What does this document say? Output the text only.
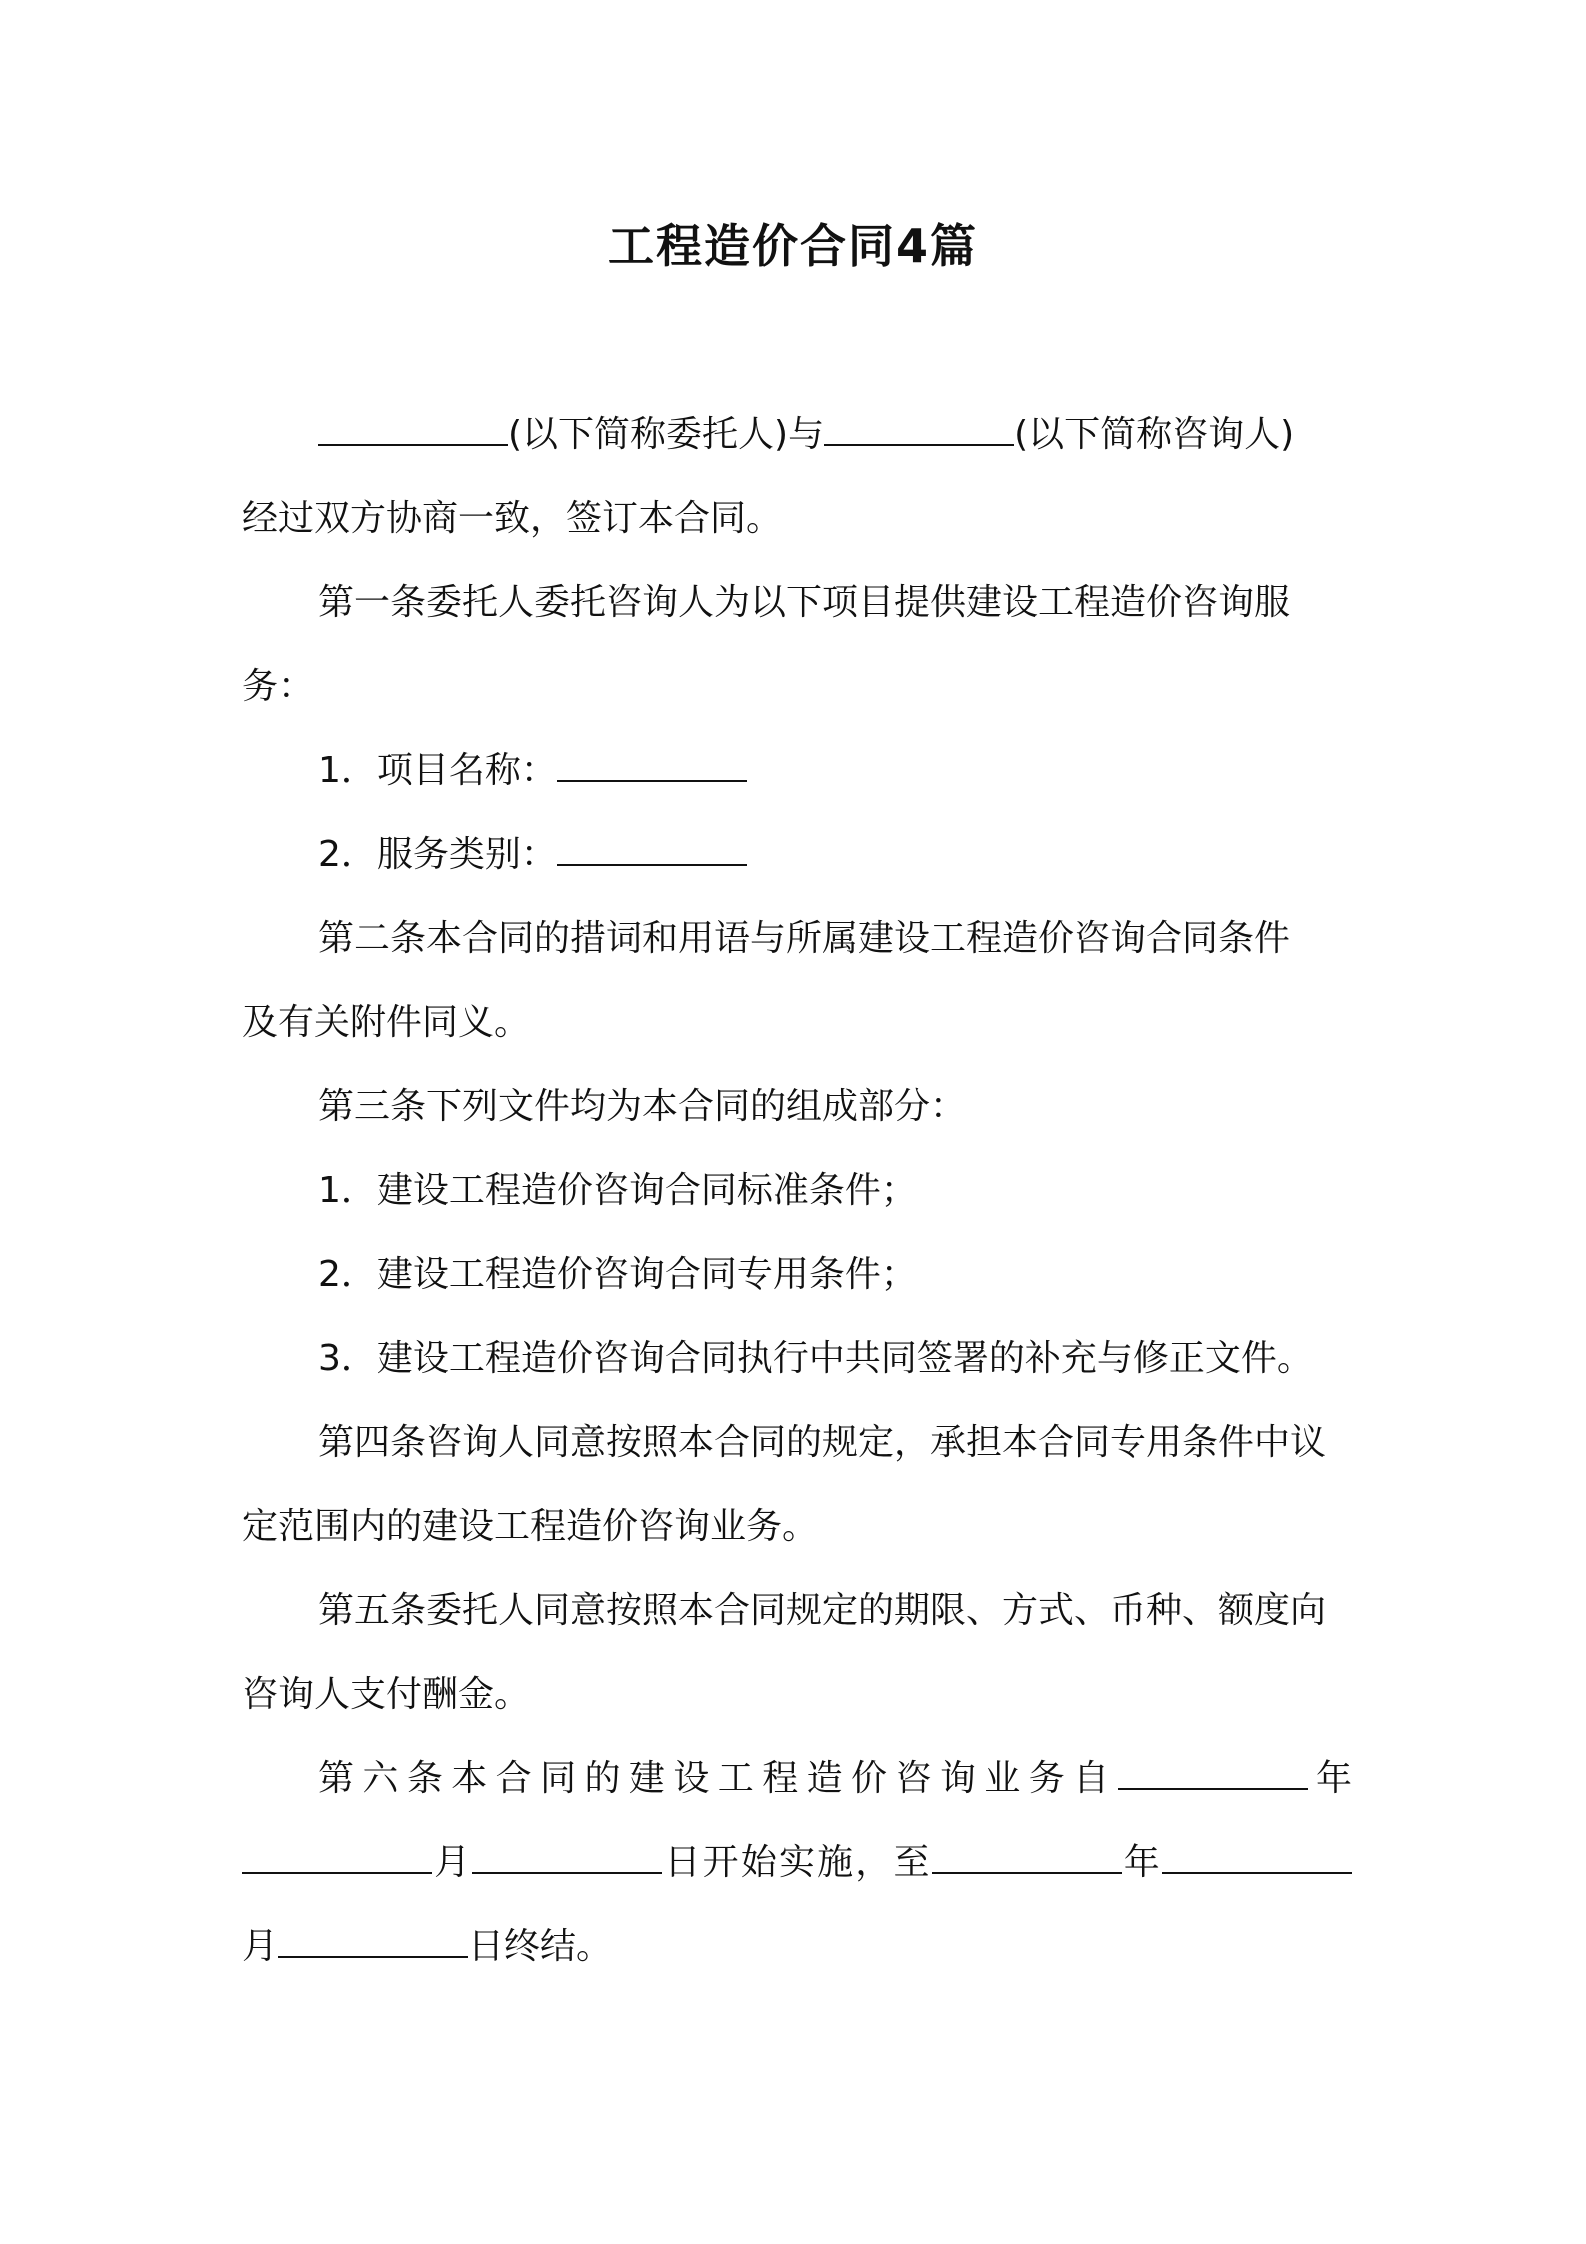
工程造价合同4篇
(以下简称委托人)与	(以下简称咨询人)
经过双方协商一致，签订本合同。
第一条委托人委托咨询人为以下项目提供建设工程造价咨询服
务：
1．项目名称：
2．服务类别：
第二条本合同的措词和用语与所属建设工程造价咨询合同条件
及有关附件同义。
第三条下列文件均为本合同的组成部分：
1．建设工程造价咨询合同标准条件；
2．建设工程造价咨询合同专用条件；
3．建设工程造价咨询合同执行中共同签署的补充与修正文件。
第四条咨询人同意按照本合同的规定，承担本合同专用条件中议
定范围内的建设工程造价咨询业务。
第五条委托人同意按照本合同规定的期限、方式、币种、额度向
咨询人支付酬金。
第六条本合同的建设工程造价咨询业务自	年
月	日开始实施，至	年
月	日终结。
